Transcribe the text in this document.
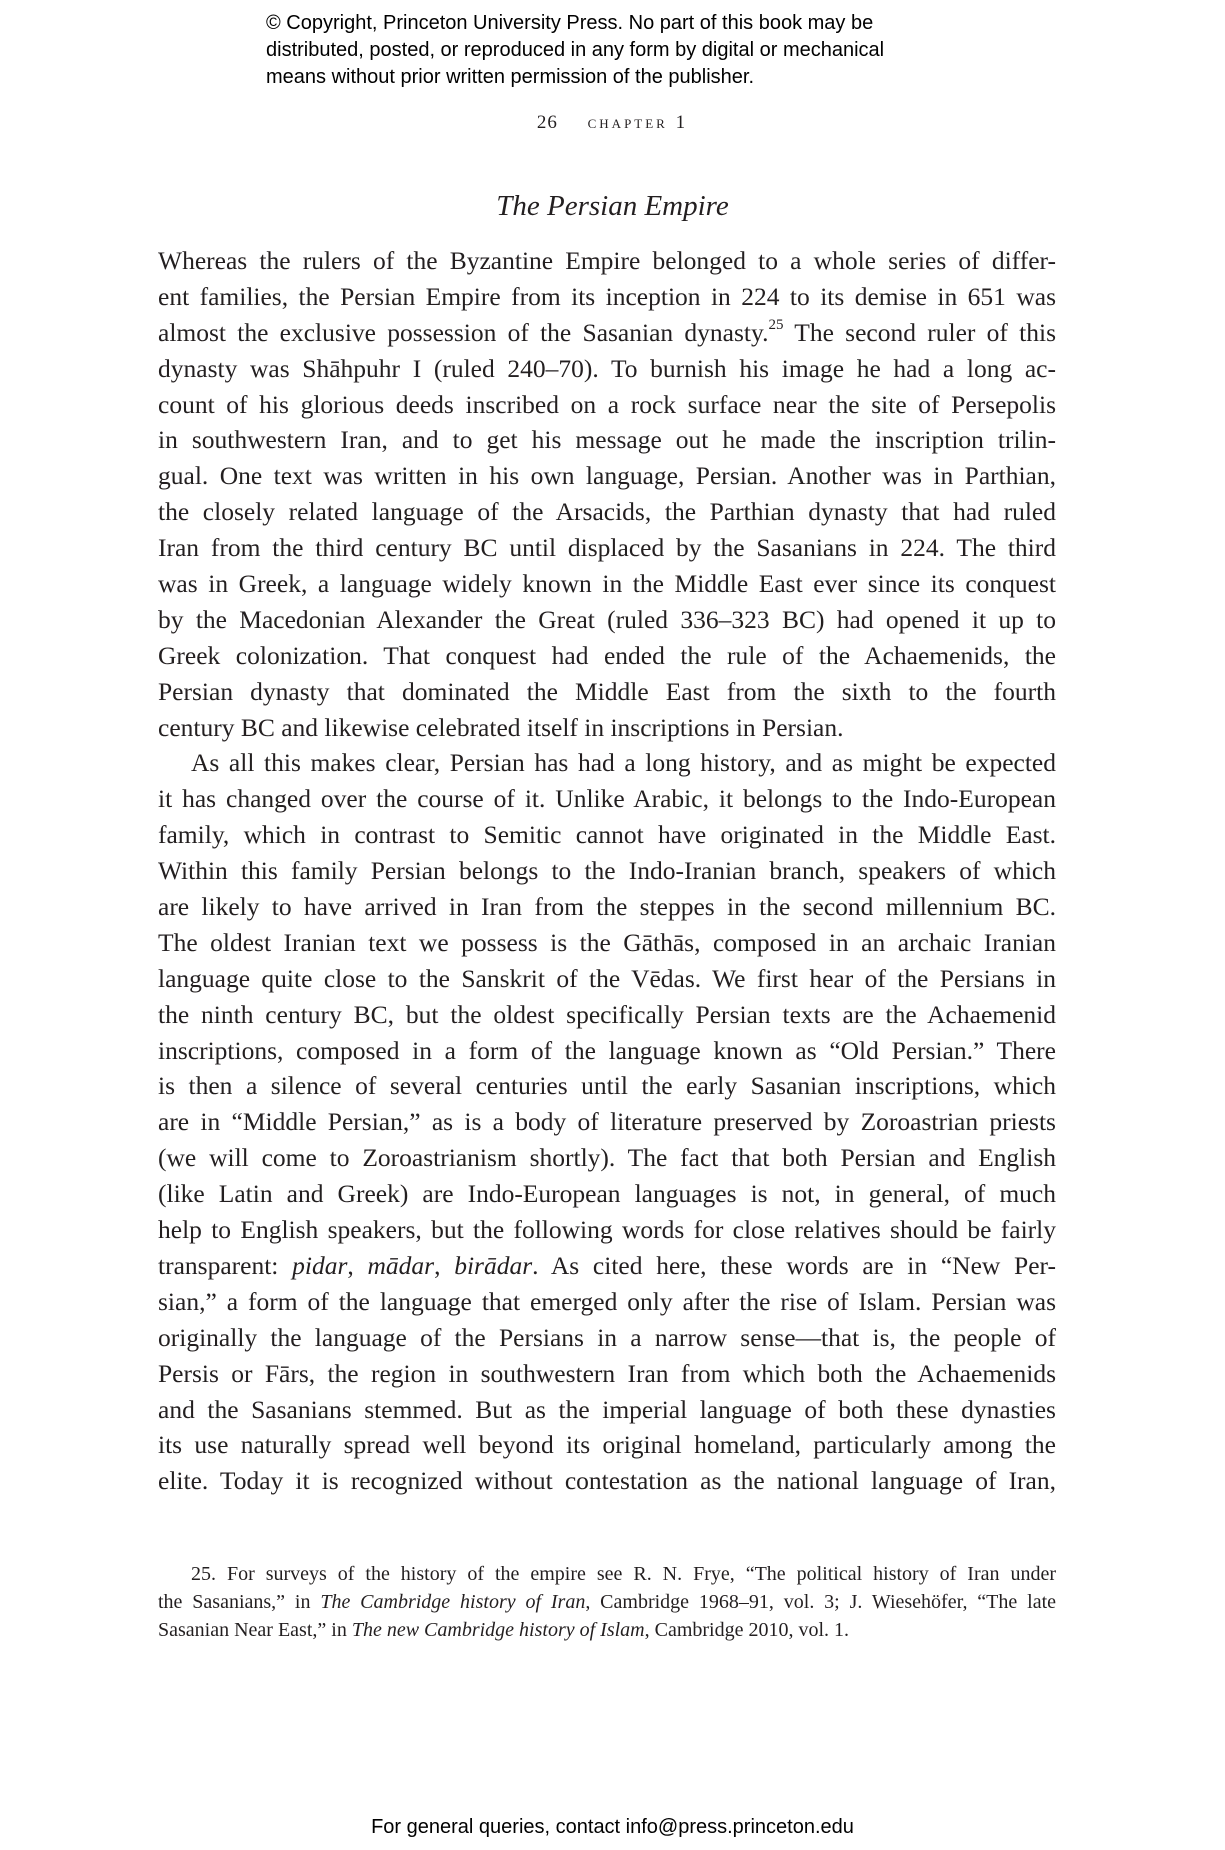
© Copyright, Princeton University Press. No part of this book may be
distributed, posted, or reproduced in any form by digital or mechanical
means without prior written permission of the publisher.
26 chapter 1
The Persian Empire
Whereas the rulers of the Byzantine Empire belonged to a whole series of differ-
ent families, the Persian Empire from its inception in 224 to its demise in 651 was
almost the exclusive possession of the Sasanian dynasty.$^{25}$ The second ruler of this
dynasty was Shāhpuhr I (ruled 240–70). To burnish his image he had a long ac-
count of his glorious deeds inscribed on a rock surface near the site of Persepolis
in southwestern Iran, and to get his message out he made the inscription trilin-
gual. One text was written in his own language, Persian. Another was in Parthian,
the closely related language of the Arsacids, the Parthian dynasty that had ruled
Iran from the third century BC until displaced by the Sasanians in 224. The third
was in Greek, a language widely known in the Middle East ever since its conquest
by the Macedonian Alexander the Great (ruled 336–323 BC) had opened it up to
Greek colonization. That conquest had ended the rule of the Achaemenids, the
Persian dynasty that dominated the Middle East from the sixth to the fourth
century BC and likewise celebrated itself in inscriptions in Persian.
As all this makes clear, Persian has had a long history, and as might be expected
it has changed over the course of it. Unlike Arabic, it belongs to the Indo-European
family, which in contrast to Semitic cannot have originated in the Middle East.
Within this family Persian belongs to the Indo-Iranian branch, speakers of which
are likely to have arrived in Iran from the steppes in the second millennium BC.
The oldest Iranian text we possess is the Gāthās, composed in an archaic Iranian
language quite close to the Sanskrit of the Vēdas. We first hear of the Persians in
the ninth century BC, but the oldest specifically Persian texts are the Achaemenid
inscriptions, composed in a form of the language known as “Old Persian.” There
is then a silence of several centuries until the early Sasanian inscriptions, which
are in “Middle Persian,” as is a body of literature preserved by Zoroastrian priests
(we will come to Zoroastrianism shortly). The fact that both Persian and English
(like Latin and Greek) are Indo-European languages is not, in general, of much
help to English speakers, but the following words for close relatives should be fairly
transparent: pidar, mādar, birādar. As cited here, these words are in “New Per-
sian,” a form of the language that emerged only after the rise of Islam. Persian was
originally the language of the Persians in a narrow sense—that is, the people of
Persis or Fārs, the region in southwestern Iran from which both the Achaemenids
and the Sasanians stemmed. But as the imperial language of both these dynasties
its use naturally spread well beyond its original homeland, particularly among the
elite. Today it is recognized without contestation as the national language of Iran,
25. For surveys of the history of the empire see R. N. Frye, “The political history of Iran under
the Sasanians,” in The Cambridge history of Iran, Cambridge 1968–91, vol. 3; J. Wiesehöfer, “The late
Sasanian Near East,” in The new Cambridge history of Islam, Cambridge 2010, vol. 1.
For general queries, contact info@press.princeton.edu
